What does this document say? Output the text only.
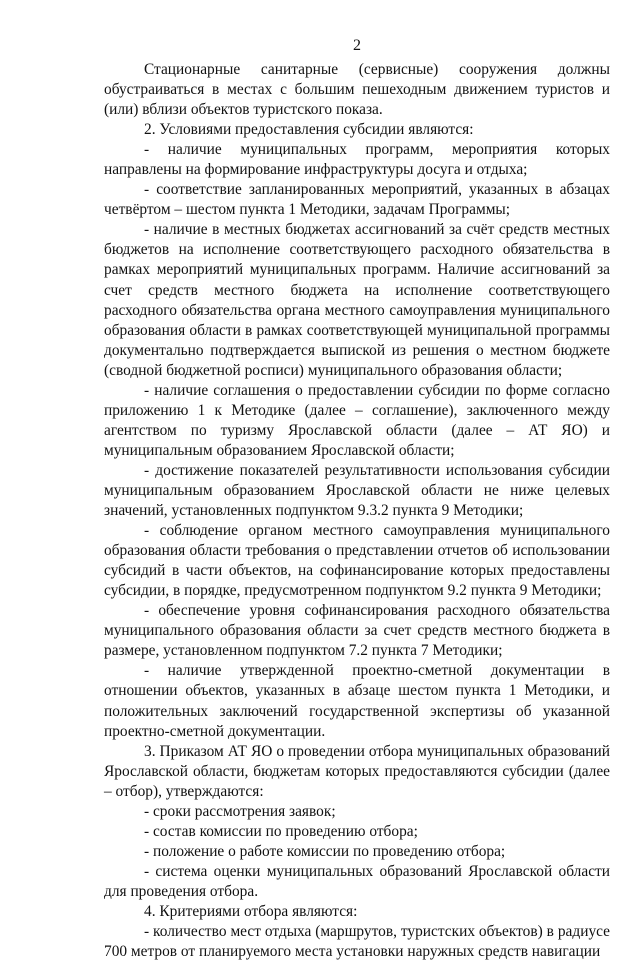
2

Стационарные санитарные (сервисные) сооружения должны обустраиваться в местах с большим пешеходным движением туристов и (или) вблизи объектов туристского показа.

2. Условиями предоставления субсидии являются:

- наличие муниципальных программ, мероприятия которых направлены на формирование инфраструктуры досуга и отдыха;

- соответствие запланированных мероприятий, указанных в абзацах четвёртом – шестом пункта 1 Методики, задачам Программы;

- наличие в местных бюджетах ассигнований за счёт средств местных бюджетов на исполнение соответствующего расходного обязательства в рамках мероприятий муниципальных программ. Наличие ассигнований за счет средств местного бюджета на исполнение соответствующего расходного обязательства органа местного самоуправления муниципального образования области в рамках соответствующей муниципальной программы документально подтверждается выпиской из решения о местном бюджете (сводной бюджетной росписи) муниципального образования области;

- наличие соглашения о предоставлении субсидии по форме согласно приложению 1 к Методике (далее – соглашение), заключенного между агентством по туризму Ярославской области (далее – АТ ЯО) и муниципальным образованием Ярославской области;

- достижение показателей результативности использования субсидии муниципальным образованием Ярославской области не ниже целевых значений, установленных подпунктом 9.3.2 пункта 9 Методики;

- соблюдение органом местного самоуправления муниципального образования области требования о представлении отчетов об использовании субсидий в части объектов, на софинансирование которых предоставлены субсидии, в порядке, предусмотренном подпунктом 9.2 пункта 9 Методики;

- обеспечение уровня софинансирования расходного обязательства муниципального образования области за счет средств местного бюджета в размере, установленном подпунктом 7.2 пункта 7 Методики;

- наличие утвержденной проектно-сметной документации в отношении объектов, указанных в абзаце шестом пункта 1 Методики, и положительных заключений государственной экспертизы об указанной проектно-сметной документации.

3. Приказом АТ ЯО о проведении отбора муниципальных образований Ярославской области, бюджетам которых предоставляются субсидии (далее – отбор), утверждаются:

- сроки рассмотрения заявок;

- состав комиссии по проведению отбора;

- положение о работе комиссии по проведению отбора;

- система оценки муниципальных образований Ярославской области для проведения отбора.

4. Критериями отбора являются:

- количество мест отдыха (маршрутов, туристских объектов) в радиусе 700 метров от планируемого места установки наружных средств навигации
